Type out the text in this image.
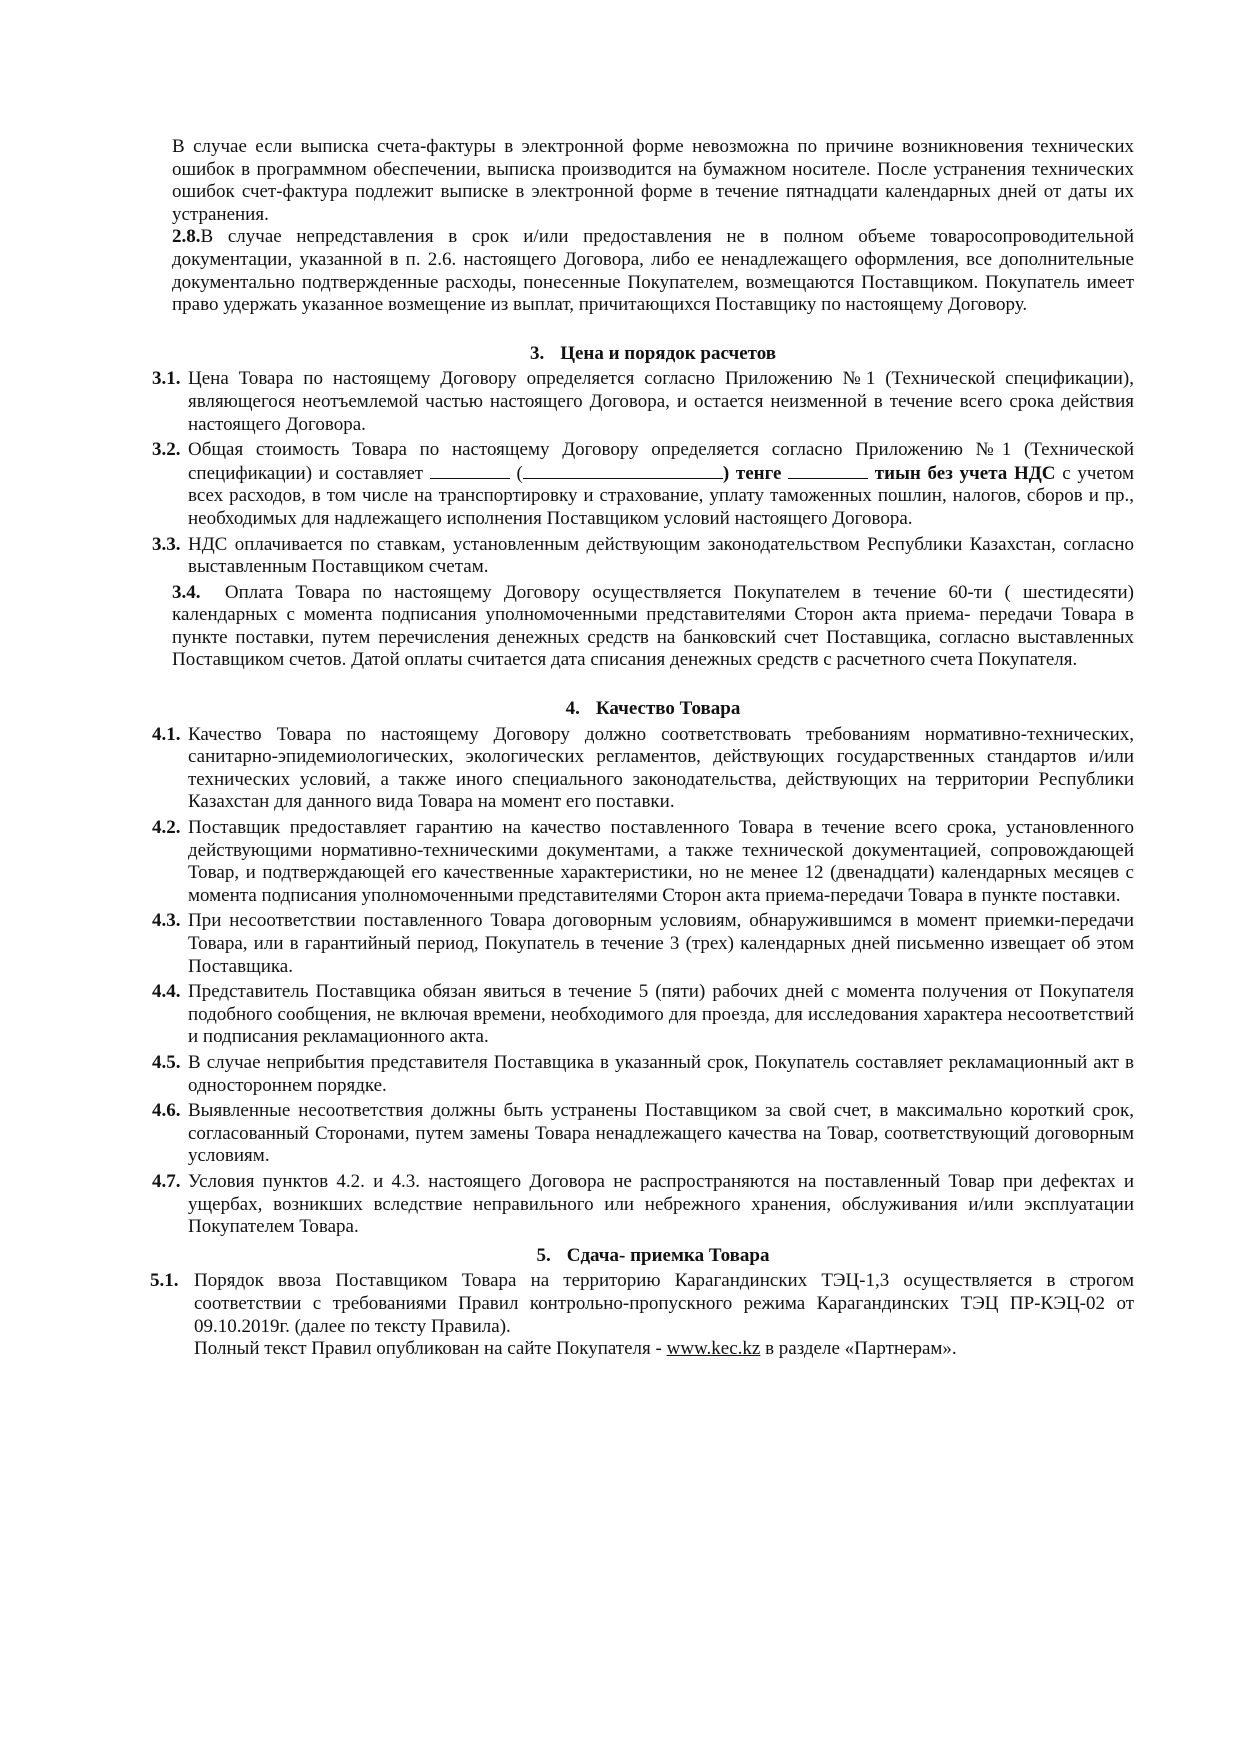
В случае если выписка счета-фактуры в электронной форме невозможна по причине возникновения технических ошибок в программном обеспечении, выписка производится на бумажном носителе. После устранения технических ошибок счет-фактура подлежит выписке в электронной форме в течение пятнадцати календарных дней от даты их устранения.

2.8.В случае непредставления в срок и/или предоставления не в полном объеме товаросопроводительной документации, указанной в п. 2.6. настоящего Договора, либо ее ненадлежащего оформления, все дополнительные документально подтвержденные расходы, понесенные Покупателем, возмещаются Поставщиком. Покупатель имеет право удержать указанное возмещение из выплат, причитающихся Поставщику по настоящему Договору.

3. Цена и порядок расчетов
3.1. Цена Товара по настоящему Договору определяется согласно Приложению №1 (Технической спецификации), являющегося неотъемлемой частью настоящего Договора, и остается неизменной в течение всего срока действия настоящего Договора.
3.2. Общая стоимость Товара по настоящему Договору определяется согласно Приложению №1 (Технической спецификации) и составляет	(	) тенге	тиын без учета НДС с учетом всех расходов, в том числе на транспортировку и страхование, уплату таможенных пошлин, налогов, сборов и пр., необходимых для надлежащего исполнения Поставщиком условий настоящего Договора.
3.3. НДС оплачивается по ставкам, установленным действующим законодательством Республики Казахстан, согласно выставленным Поставщиком счетам.

3.4. Оплата Товара по настоящему Договору осуществляется Покупателем в течение 60-ти ( шестидесяти) календарных с момента подписания уполномоченными представителями Сторон акта приема- передачи Товара в пункте поставки, путем перечисления денежных средств на банковский счет Поставщика, согласно выставленных Поставщиком счетов. Датой оплаты считается дата списания денежных средств с расчетного счета Покупателя.

4. Качество Товара
4.1. Качество Товара по настоящему Договору должно соответствовать требованиям нормативно-технических, санитарно-эпидемиологических, экологических регламентов, действующих государственных стандартов и/или технических условий, а также иного специального законодательства, действующих на территории Республики Казахстан для данного вида Товара на момент его поставки.
4.2. Поставщик предоставляет гарантию на качество поставленного Товара в течение всего срока, установленного действующими нормативно-техническими документами, а также технической документацией, сопровождающей Товар, и подтверждающей его качественные характеристики, но не менее 12 (двенадцати) календарных месяцев с момента подписания уполномоченными представителями Сторон акта приема-передачи Товара в пункте поставки.
4.3. При несоответствии поставленного Товара договорным условиям, обнаружившимся в момент приемки-передачи Товара, или в гарантийный период, Покупатель в течение 3 (трех) календарных дней письменно извещает об этом Поставщика.
4.4. Представитель Поставщика обязан явиться в течение 5 (пяти) рабочих дней с момента получения от Покупателя подобного сообщения, не включая времени, необходимого для проезда, для исследования характера несоответствий и подписания рекламационного акта.
4.5. В случае неприбытия представителя Поставщика в указанный срок, Покупатель составляет рекламационный акт в одностороннем порядке.
4.6. Выявленные несоответствия должны быть устранены Поставщиком за свой счет, в максимально короткий срок, согласованный Сторонами, путем замены Товара ненадлежащего качества на Товар, соответствующий договорным условиям.
4.7. Условия пунктов 4.2. и 4.3. настоящего Договора не распространяются на поставленный Товар при дефектах и ущербах, возникших вследствие неправильного или небрежного хранения, обслуживания и/или эксплуатации Покупателем Товара.
5. Сдача- приемка Товара
5.1. Порядок ввоза Поставщиком Товара на территорию Карагандинских ТЭЦ-1,3 осуществляется в строгом соответствии с требованиями Правил контрольно-пропускного режима Карагандинских ТЭЦ ПР-КЭЦ-02 от 09.10.2019г. (далее по тексту Правила).
Полный текст Правил опубликован на сайте Покупателя - www.kec.kz в разделе «Партнерам».
